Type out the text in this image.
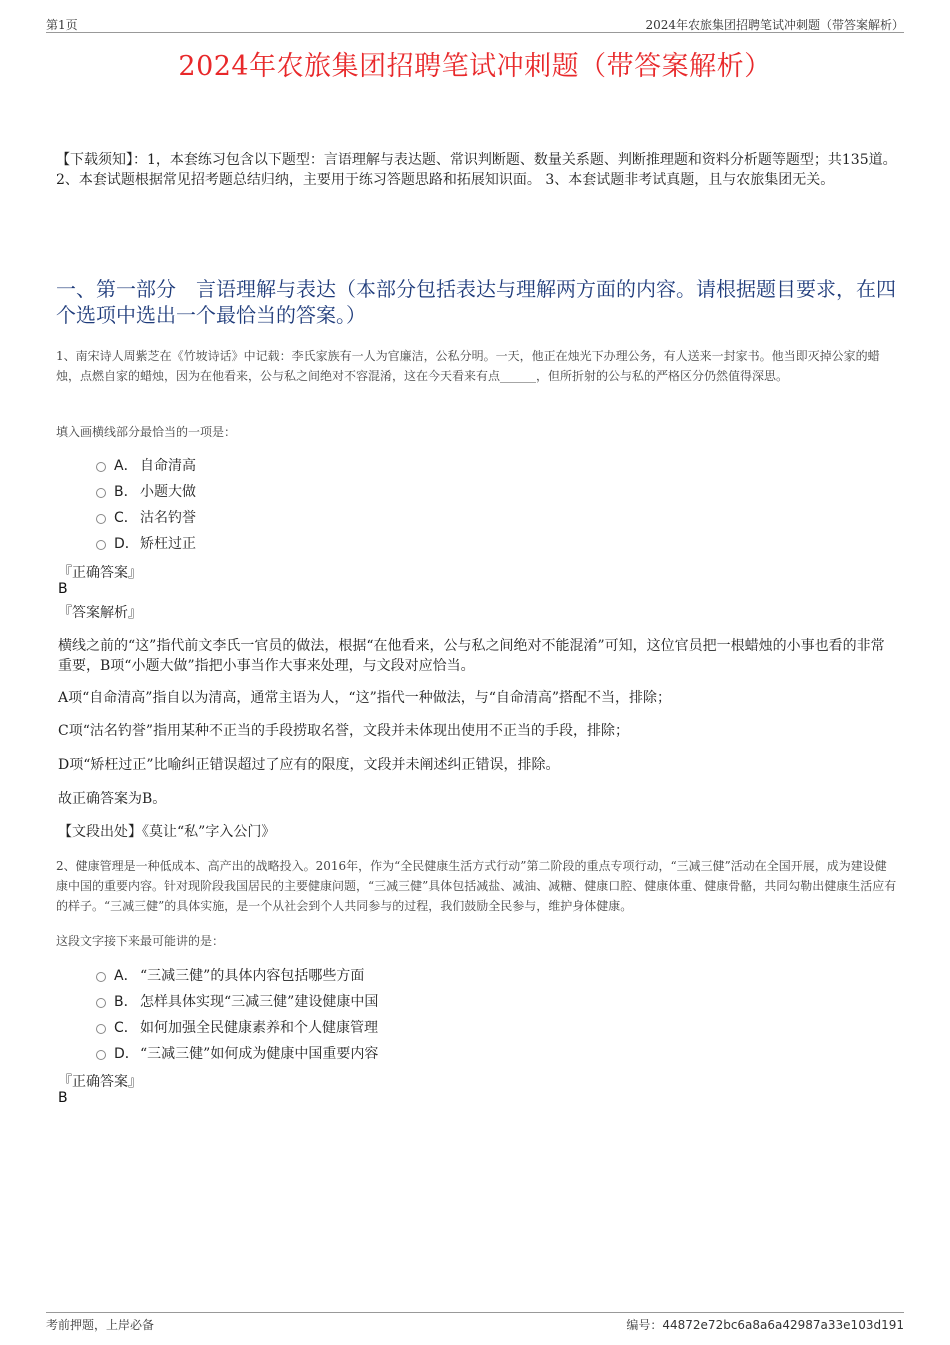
第1页	2024年农旅集团招聘笔试冲刺题（带答案解析）
2024年农旅集团招聘笔试冲刺题（带答案解析）
【下载须知】：1，本套练习包含以下题型：言语理解与表达题、常识判断题、数量关系题、判断推理题和资料分析题等题型；共135道。 2、本套试题根据常见招考题总结归纳，主要用于练习答题思路和拓展知识面。 3、本套试题非考试真题，且与农旅集团无关。
一、第一部分　言语理解与表达（本部分包括表达与理解两方面的内容。请根据题目要求，在四个选项中选出一个最恰当的答案。）
1、南宋诗人周紫芝在《竹坡诗话》中记载：李氏家族有一人为官廉洁，公私分明。一天，他正在烛光下办理公务，有人送来一封家书。他当即灭掉公家的蜡烛，点燃自家的蜡烛，因为在他看来，公与私之间绝对不容混淆，这在今天看来有点______，但所折射的公与私的严格区分仍然值得深思。
填入画横线部分最恰当的一项是：
A． 自命清高
B． 小题大做
C． 沽名钓誉
D． 矫枉过正
『正确答案』
B
『答案解析』
横线之前的“这”指代前文李氏一官员的做法，根据“在他看来，公与私之间绝对不能混淆”可知，这位官员把一根蜡烛的小事也看的非常重要，B项“小题大做”指把小事当作大事来处理，与文段对应恰当。
A项“自命清高”指自以为清高，通常主语为人，“这”指代一种做法，与“自命清高”搭配不当，排除；
C项“沽名钓誉”指用某种不正当的手段捞取名誉，文段并未体现出使用不正当的手段，排除；
D项“矫枉过正”比喻纠正错误超过了应有的限度，文段并未阐述纠正错误，排除。
故正确答案为B。
【文段出处】《莫让“私”字入公门》
2、健康管理是一种低成本、高产出的战略投入。2016年，作为“全民健康生活方式行动”第二阶段的重点专项行动，“三减三健”活动在全国开展，成为建设健康中国的重要内容。针对现阶段我国居民的主要健康问题，“三减三健”具体包括减盐、减油、减糖、健康口腔、健康体重、健康骨骼，共同勾勒出健康生活应有的样子。“三减三健”的具体实施，是一个从社会到个人共同参与的过程，我们鼓励全民参与，维护身体健康。
这段文字接下来最可能讲的是：
A． “三减三健”的具体内容包括哪些方面
B． 怎样具体实现“三减三健”建设健康中国
C． 如何加强全民健康素养和个人健康管理
D． “三减三健”如何成为健康中国重要内容
『正确答案』
B
考前押题，上岸必备	编号：44872e72bc6a8a6a42987a33e103d191
